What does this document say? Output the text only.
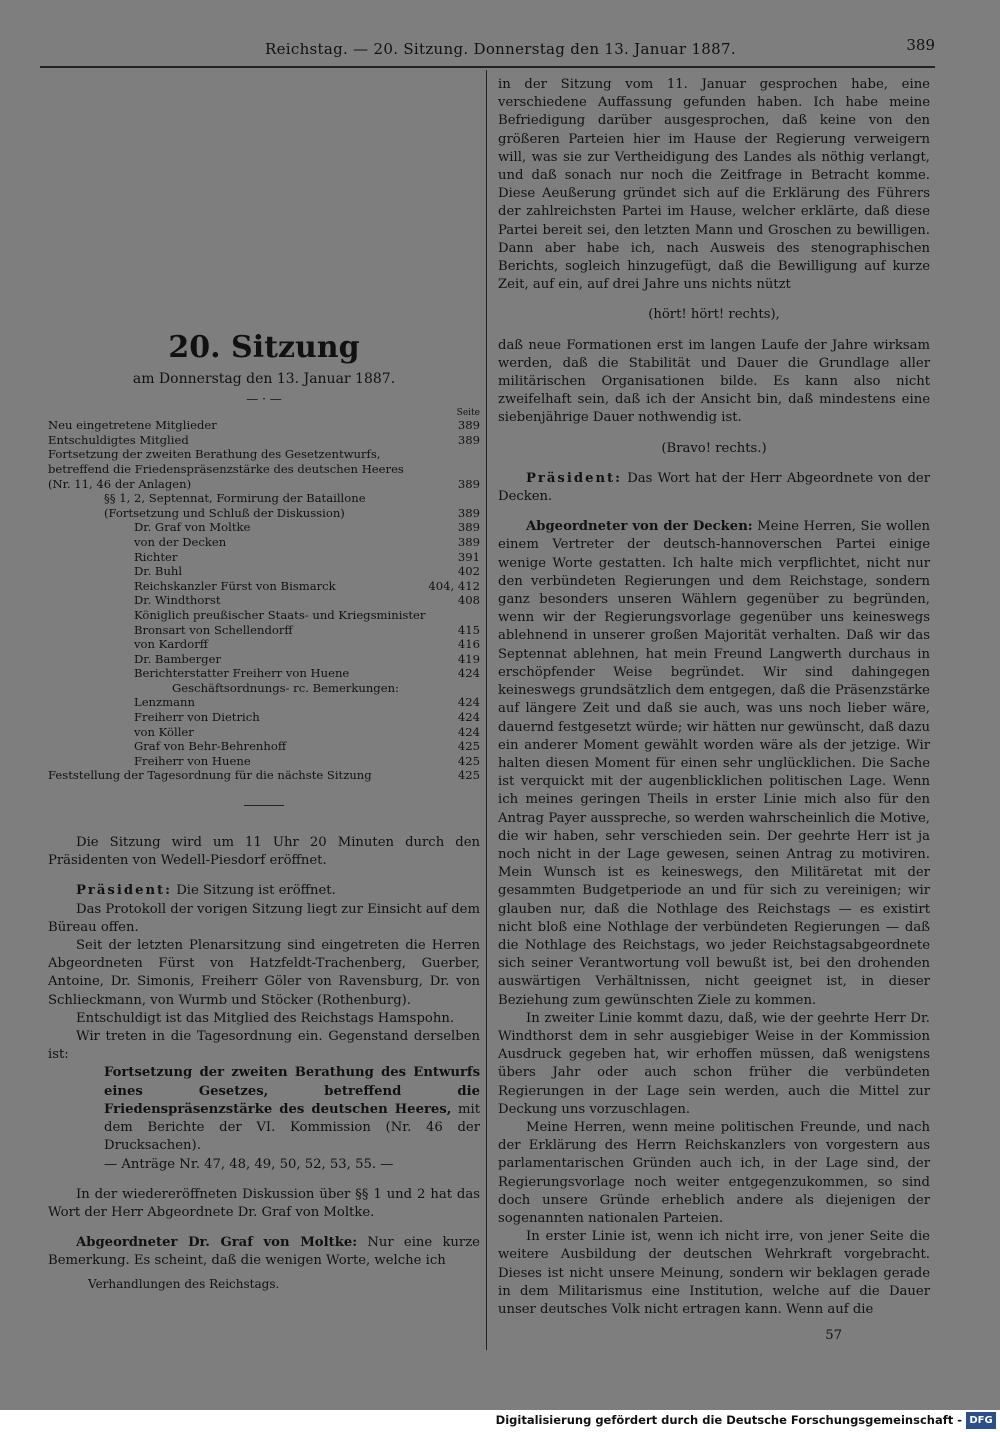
Reichstag. — 20. Sitzung. Donnerstag den 13. Januar 1887.	389
20. Sitzung
am Donnerstag den 13. Januar 1887.
— · —
Seite
Neu eingetretene Mitglieder	389
Entschuldigtes Mitglied	389
Fortsetzung der zweiten Berathung des Gesetzentwurfs, betreffend die Friedenspräsenzstärke des deutschen Heeres (Nr. 11, 46 der Anlagen)	389
§§ 1, 2, Septennat, Formirung der Bataillone (Fortsetzung und Schluß der Diskussion)	389
Dr. Graf von Moltke	389
von der Decken	389
Richter	391
Dr. Buhl	402
Reichskanzler Fürst von Bismarck	404, 412
Dr. Windthorst	408
Königlich preußischer Staats- und Kriegsminister Bronsart von Schellendorff	415
von Kardorff	416
Dr. Bamberger	419
Berichterstatter Freiherr von Huene	424
Geschäftsordnungs- rc. Bemerkungen:
Lenzmann	424
Freiherr von Dietrich	424
von Köller	424
Graf von Behr-Behrenhoff	425
Freiherr von Huene	425
Feststellung der Tagesordnung für die nächste Sitzung	425

Die Sitzung wird um 11 Uhr 20 Minuten durch den Präsidenten von Wedell-Piesdorf eröffnet.

Präsident: Die Sitzung ist eröffnet.

Das Protokoll der vorigen Sitzung liegt zur Einsicht auf dem Büreau offen.

Seit der letzten Plenarsitzung sind eingetreten die Herren Abgeordneten Fürst von Hatzfeldt-Trachenberg, Guerber, Antoine, Dr. Simonis, Freiherr Göler von Ravensburg, Dr. von Schlieckmann, von Wurmb und Stöcker (Rothenburg).

Entschuldigt ist das Mitglied des Reichstags Hamspohn.

Wir treten in die Tagesordnung ein. Gegenstand derselben ist:

Fortsetzung der zweiten Berathung des Entwurfs eines Gesetzes, betreffend die Friedenspräsenzstärke des deutschen Heeres, mit dem Berichte der VI. Kommission (Nr. 46 der Drucksachen).

— Anträge Nr. 47, 48, 49, 50, 52, 53, 55. —

In der wiedereröffneten Diskussion über §§ 1 und 2 hat das Wort der Herr Abgeordnete Dr. Graf von Moltke.

Abgeordneter Dr. Graf von Moltke: Nur eine kurze Bemerkung. Es scheint, daß die wenigen Worte, welche ich

Verhandlungen des Reichstags.

in der Sitzung vom 11. Januar gesprochen habe, eine verschiedene Auffassung gefunden haben. Ich habe meine Befriedigung darüber ausgesprochen, daß keine von den größeren Parteien hier im Hause der Regierung verweigern will, was sie zur Vertheidigung des Landes als nöthig verlangt, und daß sonach nur noch die Zeitfrage in Betracht komme. Diese Aeußerung gründet sich auf die Erklärung des Führers der zahlreichsten Partei im Hause, welcher erklärte, daß diese Partei bereit sei, den letzten Mann und Groschen zu bewilligen. Dann aber habe ich, nach Ausweis des stenographischen Berichts, sogleich hinzugefügt, daß die Bewilligung auf kurze Zeit, auf ein, auf drei Jahre uns nichts nützt

(hört! hört! rechts),

daß neue Formationen erst im langen Laufe der Jahre wirksam werden, daß die Stabilität und Dauer die Grundlage aller militärischen Organisationen bilde. Es kann also nicht zweifelhaft sein, daß ich der Ansicht bin, daß mindestens eine siebenjährige Dauer nothwendig ist.

(Bravo! rechts.)

Präsident: Das Wort hat der Herr Abgeordnete von der Decken.

Abgeordneter von der Decken: Meine Herren, Sie wollen einem Vertreter der deutsch-hannoverschen Partei einige wenige Worte gestatten. Ich halte mich verpflichtet, nicht nur den verbündeten Regierungen und dem Reichstage, sondern ganz besonders unseren Wählern gegenüber zu begründen, wenn wir der Regierungsvorlage gegenüber uns keineswegs ablehnend in unserer großen Majorität verhalten. Daß wir das Septennat ablehnen, hat mein Freund Langwerth durchaus in erschöpfender Weise begründet. Wir sind dahingegen keineswegs grundsätzlich dem entgegen, daß die Präsenzstärke auf längere Zeit und daß sie auch, was uns noch lieber wäre, dauernd festgesetzt würde; wir hätten nur gewünscht, daß dazu ein anderer Moment gewählt worden wäre als der jetzige. Wir halten diesen Moment für einen sehr unglücklichen. Die Sache ist verquickt mit der augenblicklichen politischen Lage. Wenn ich meines geringen Theils in erster Linie mich also für den Antrag Payer ausspreche, so werden wahrscheinlich die Motive, die wir haben, sehr verschieden sein. Der geehrte Herr ist ja noch nicht in der Lage gewesen, seinen Antrag zu motiviren. Mein Wunsch ist es keineswegs, den Militäretat mit der gesammten Budgetperiode an und für sich zu vereinigen; wir glauben nur, daß die Nothlage des Reichstags — es existirt nicht bloß eine Nothlage der verbündeten Regierungen — daß die Nothlage des Reichstags, wo jeder Reichstagsabgeordnete sich seiner Verantwortung voll bewußt ist, bei den drohenden auswärtigen Verhältnissen, nicht geeignet ist, in dieser Beziehung zum gewünschten Ziele zu kommen.

In zweiter Linie kommt dazu, daß, wie der geehrte Herr Dr. Windthorst dem in sehr ausgiebiger Weise in der Kommission Ausdruck gegeben hat, wir erhoffen müssen, daß wenigstens übers Jahr oder auch schon früher die verbündeten Regierungen in der Lage sein werden, auch die Mittel zur Deckung uns vorzuschlagen.

Meine Herren, wenn meine politischen Freunde, und nach der Erklärung des Herrn Reichskanzlers von vorgestern aus parlamentarischen Gründen auch ich, in der Lage sind, der Regierungsvorlage noch weiter entgegenzukommen, so sind doch unsere Gründe erheblich andere als diejenigen der sogenannten nationalen Parteien.

In erster Linie ist, wenn ich nicht irre, von jener Seite die weitere Ausbildung der deutschen Wehrkraft vorgebracht. Dieses ist nicht unsere Meinung, sondern wir beklagen gerade in dem Militarismus eine Institution, welche auf die Dauer unser deutsches Volk nicht ertragen kann. Wenn auf die

57
Digitalisierung gefördert durch die Deutsche Forschungsgemeinschaft - DFG
